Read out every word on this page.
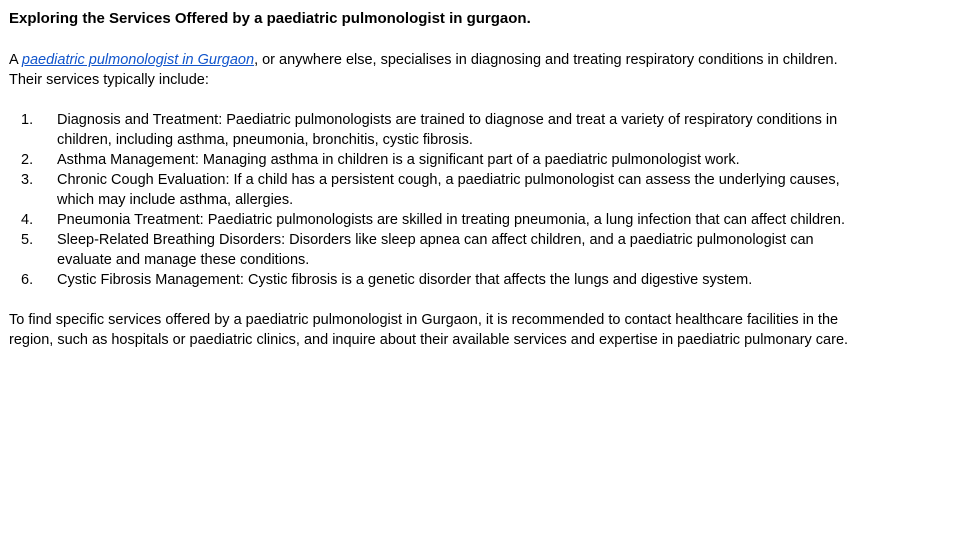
Exploring the Services Offered by a paediatric pulmonologist in gurgaon.

A paediatric pulmonologist in Gurgaon, or anywhere else, specialises in diagnosing and treating respiratory conditions in children. Their services typically include:

1. Diagnosis and Treatment: Paediatric pulmonologists are trained to diagnose and treat a variety of respiratory conditions in children, including asthma, pneumonia, bronchitis, cystic fibrosis.
2. Asthma Management: Managing asthma in children is a significant part of a paediatric pulmonologist work.
3. Chronic Cough Evaluation: If a child has a persistent cough, a paediatric pulmonologist can assess the underlying causes, which may include asthma, allergies.
4. Pneumonia Treatment: Paediatric pulmonologists are skilled in treating pneumonia, a lung infection that can affect children.
5. Sleep-Related Breathing Disorders: Disorders like sleep apnea can affect children, and a paediatric pulmonologist can evaluate and manage these conditions.
6. Cystic Fibrosis Management: Cystic fibrosis is a genetic disorder that affects the lungs and digestive system.

To find specific services offered by a paediatric pulmonologist in Gurgaon, it is recommended to contact healthcare facilities in the region, such as hospitals or paediatric clinics, and inquire about their available services and expertise in paediatric pulmonary care.
